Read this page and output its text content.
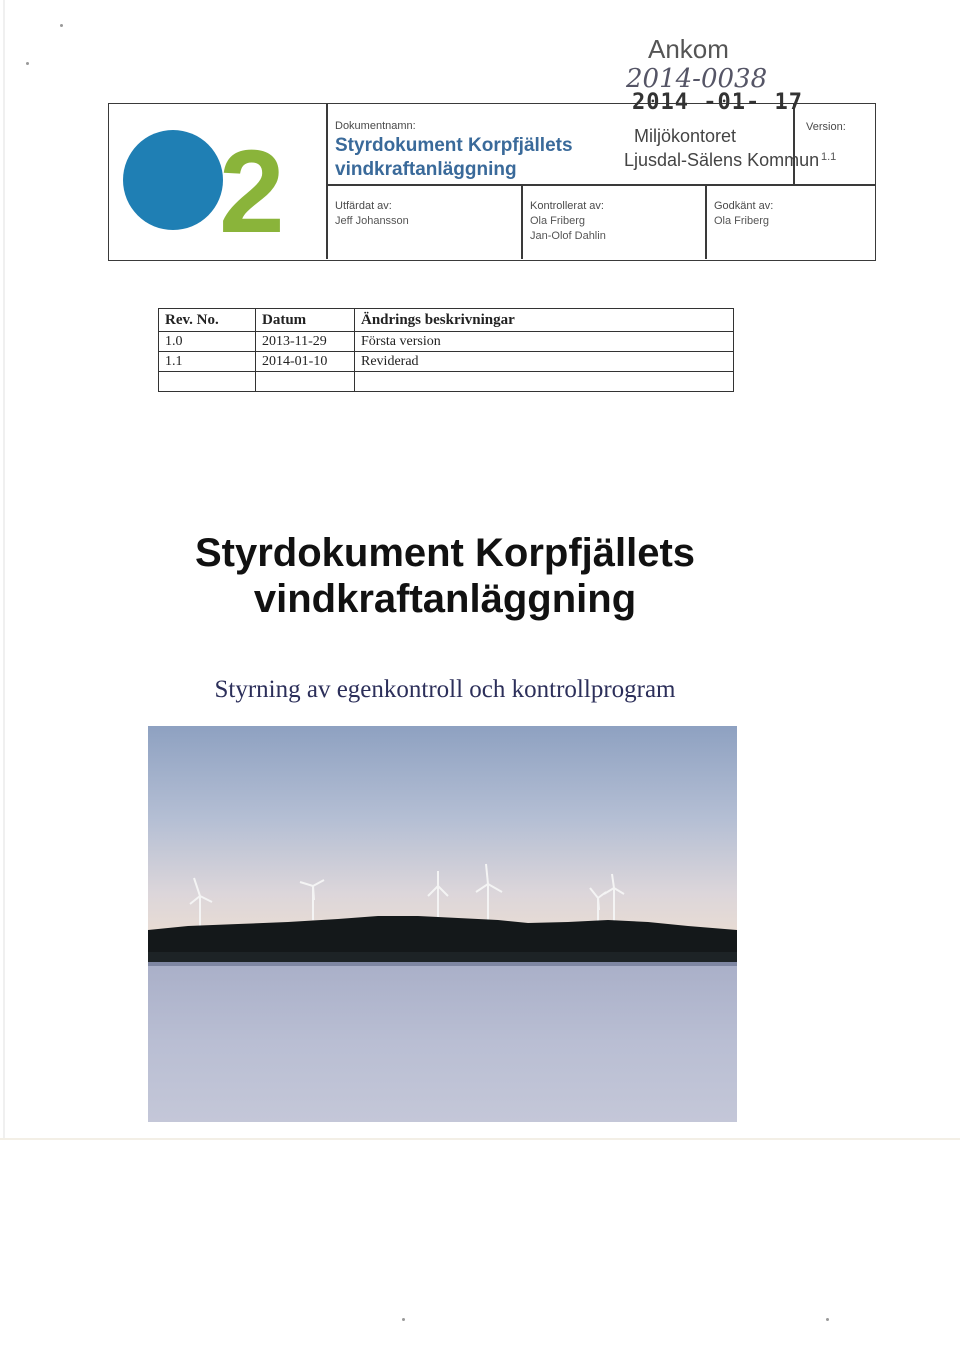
2	Dokumentnamn:
Styrdokument Korpfjällets
vindkraftanläggning
Version:
1.1
Utfärdat av:
Jeff Johansson
Kontrollerat av:
Ola Friberg
Jan-Olof Dahlin
Godkänt av:
Ola Friberg
Ankom
2014-0038
2014 -01- 17
Miljökontoret
Ljusdal-Sälens Kommun
Rev. No.	Datum	Ändrings beskrivningar
1.0	2013-11-29	Första version
1.1	2014-01-10	Reviderad

Styrdokument Korpfjällets
vindkraftanläggning
Styrning av egenkontroll och kontrollprogram
